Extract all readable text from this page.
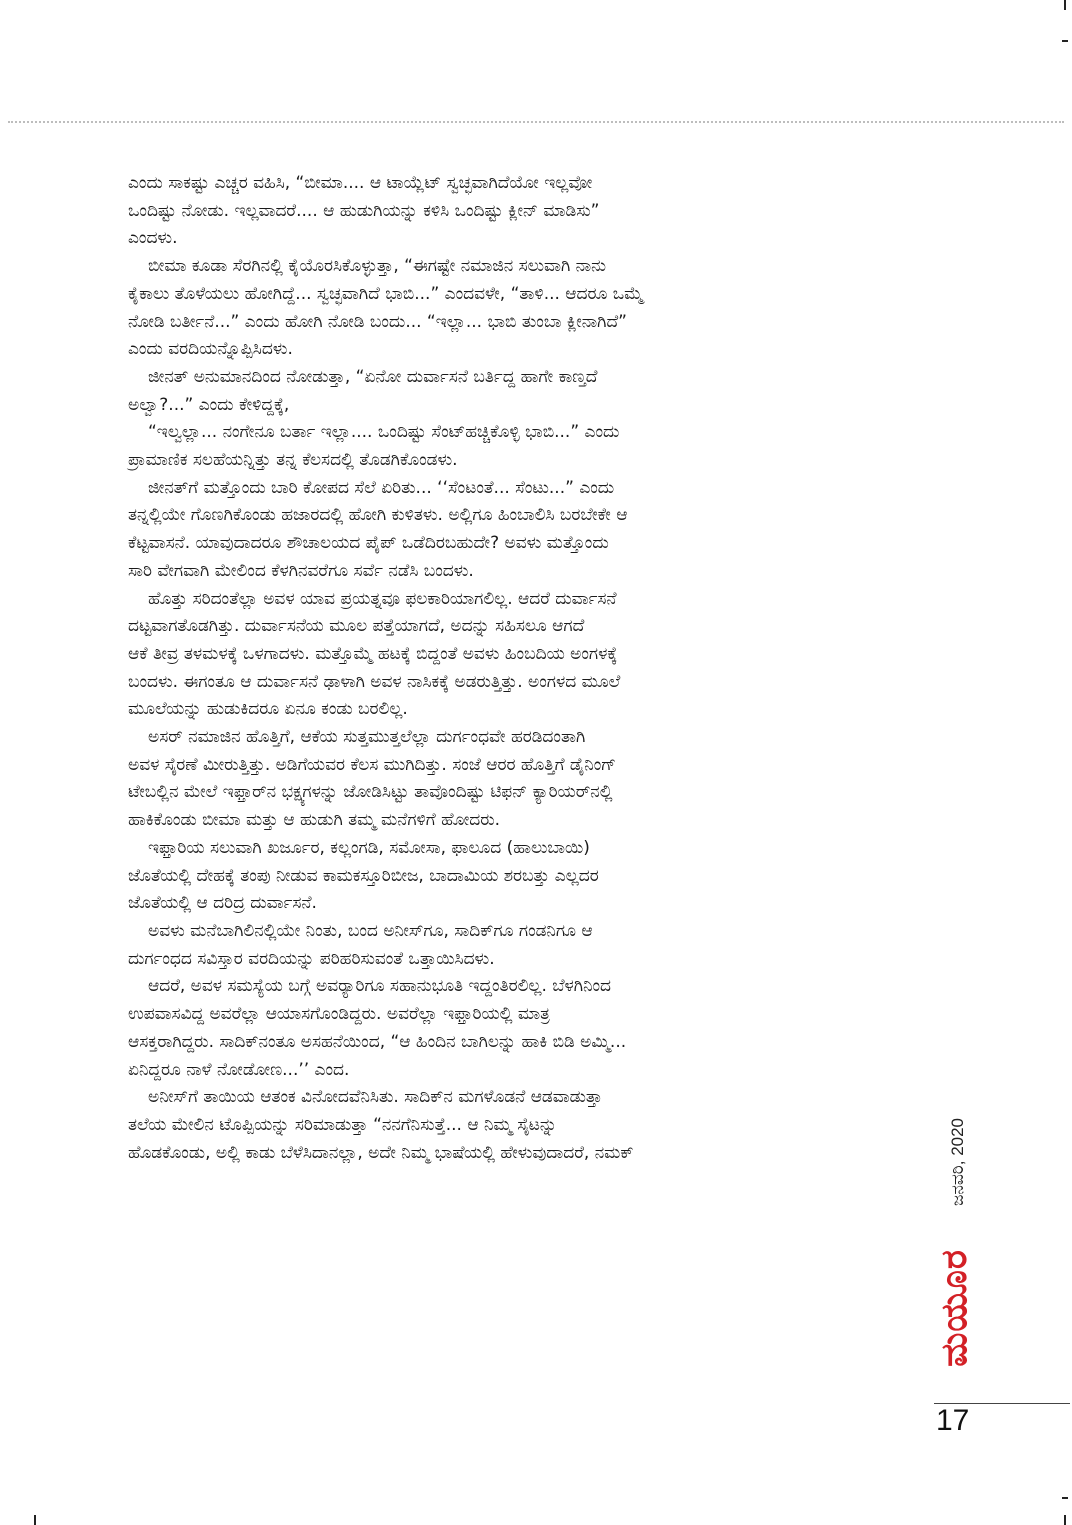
ಎಂದು ಸಾಕಷ್ಟು ಎಚ್ಚರ ವಹಿಸಿ, “ಬೀಮಾ.... ಆ ಟಾಯ್ಲೆಟ್ ಸ್ವಚ್ಛವಾಗಿದೆಯೋ ಇಲ್ಲವೋ
ಒಂದಿಷ್ಟು ನೋಡು. ಇಲ್ಲವಾದರೆ.... ಆ ಹುಡುಗಿಯನ್ನು ಕಳಿಸಿ ಒಂದಿಷ್ಟು ಕ್ಲೀನ್ ಮಾಡಿಸು”
ಎಂದಳು.

ಬೀಮಾ ಕೂಡಾ ಸೆರಗಿನಲ್ಲಿ ಕೈಯೊರಸಿಕೊಳ್ಳುತ್ತಾ, “ಈಗಷ್ಟೇ ನಮಾಜಿನ ಸಲುವಾಗಿ ನಾನು
ಕೈಕಾಲು ತೊಳೆಯಲು ಹೋಗಿದ್ದೆ... ಸ್ವಚ್ಛವಾಗಿದೆ ಭಾಬಿ...” ಎಂದವಳೇ, “ತಾಳಿ... ಆದರೂ ಒಮ್ಮೆ
ನೋಡಿ ಬರ್ತೀನೆ...” ಎಂದು ಹೋಗಿ ನೋಡಿ ಬಂದು... “ಇಲ್ಲಾ... ಭಾಬಿ ತುಂಬಾ ಕ್ಲೀನಾಗಿದೆ”
ಎಂದು ವರದಿಯನ್ನೊಪ್ಪಿಸಿದಳು.

ಜೀನತ್ ಅನುಮಾನದಿಂದ ನೋಡುತ್ತಾ, “ಏನೋ ದುರ್ವಾಸನೆ ಬರ್ತಿದ್ದ ಹಾಗೇ ಕಾಣ್ತದೆ
ಅಲ್ವಾ?...” ಎಂದು ಕೇಳಿದ್ದಕ್ಕೆ,

“ಇಲ್ವಲ್ಲಾ... ನಂಗೇನೂ ಬರ್ತಾ ಇಲ್ಲಾ.... ಒಂದಿಷ್ಟು ಸೆಂಟ್‌ಹಚ್ಚಿಕೊಳ್ಳಿ ಭಾಬಿ...” ಎಂದು
ಪ್ರಾಮಾಣಿಕ ಸಲಹೆಯನ್ನಿತ್ತು ತನ್ನ ಕೆಲಸದಲ್ಲಿ ತೊಡಗಿಕೊಂಡಳು.

ಜೀನತ್‌ಗೆ ಮತ್ತೊಂದು ಬಾರಿ ಕೋಪದ ಸೆಲೆ ಏರಿತು... ‘‘ಸೆಂಟಂತೆ... ಸೆಂಟು...” ಎಂದು
ತನ್ನಲ್ಲಿಯೇ ಗೊಣಗಿಕೊಂಡು ಹಜಾರದಲ್ಲಿ ಹೋಗಿ ಕುಳಿತಳು. ಅಲ್ಲಿಗೂ ಹಿಂಬಾಲಿಸಿ ಬರಬೇಕೇ ಆ
ಕೆಟ್ಟವಾಸನೆ. ಯಾವುದಾದರೂ ಶೌಚಾಲಯದ ಪೈಪ್ ಒಡೆದಿರಬಹುದೇ? ಅವಳು ಮತ್ತೊಂದು
ಸಾರಿ ವೇಗವಾಗಿ ಮೇಲಿಂದ ಕೆಳಗಿನವರೆಗೂ ಸರ್ವೆ ನಡೆಸಿ ಬಂದಳು.

ಹೊತ್ತು ಸರಿದಂತೆಲ್ಲಾ ಅವಳ ಯಾವ ಪ್ರಯತ್ನವೂ ಫಲಕಾರಿಯಾಗಲಿಲ್ಲ. ಆದರೆ ದುರ್ವಾಸನೆ
ದಟ್ಟವಾಗತೊಡಗಿತ್ತು. ದುರ್ವಾಸನೆಯ ಮೂಲ ಪತ್ತೆಯಾಗದೆ, ಅದನ್ನು ಸಹಿಸಲೂ ಆಗದೆ
ಆಕೆ ತೀವ್ರ ತಳಮಳಕ್ಕೆ ಒಳಗಾದಳು. ಮತ್ತೊಮ್ಮೆ ಹಟಕ್ಕೆ ಬಿದ್ದಂತೆ ಅವಳು ಹಿಂಬದಿಯ ಅಂಗಳಕ್ಕೆ
ಬಂದಳು. ಈಗಂತೂ ಆ ದುರ್ವಾಸನೆ ಢಾಳಾಗಿ ಅವಳ ನಾಸಿಕಕ್ಕೆ ಅಡರುತ್ತಿತ್ತು. ಅಂಗಳದ ಮೂಲೆ
ಮೂಲೆಯನ್ನು ಹುಡುಕಿದರೂ ಏನೂ ಕಂಡು ಬರಲಿಲ್ಲ.

ಅಸರ್ ನಮಾಜಿನ ಹೊತ್ತಿಗೆ, ಆಕೆಯ ಸುತ್ತಮುತ್ತಲೆಲ್ಲಾ ದುರ್ಗಂಧವೇ ಹರಡಿದಂತಾಗಿ
ಅವಳ ಸೈರಣೆ ಮೀರುತ್ತಿತ್ತು. ಅಡಿಗೆಯವರ ಕೆಲಸ ಮುಗಿದಿತ್ತು. ಸಂಜೆ ಆರರ ಹೊತ್ತಿಗೆ ಡೈನಿಂಗ್
ಟೇಬಲ್ಲಿನ ಮೇಲೆ ಇಫ್ತಾರ್‌ನ ಭಕ್ಷ್ಯಗಳನ್ನು ಜೋಡಿಸಿಟ್ಟು ತಾವೊಂದಿಷ್ಟು ಟಿಫನ್ ಕ್ಯಾರಿಯರ್‌ನಲ್ಲಿ
ಹಾಕಿಕೊಂಡು ಬೀಮಾ ಮತ್ತು ಆ ಹುಡುಗಿ ತಮ್ಮ ಮನೆಗಳಿಗೆ ಹೋದರು.

ಇಫ್ತಾರಿಯ ಸಲುವಾಗಿ ಖರ್ಜೂರ, ಕಲ್ಲಂಗಡಿ, ಸಮೋಸಾ, ಫಾಲೂದ (ಹಾಲುಬಾಯಿ)
ಜೊತೆಯಲ್ಲಿ ದೇಹಕ್ಕೆ ತಂಪು ನೀಡುವ ಕಾಮಕಸ್ತೂರಿಬೀಜ, ಬಾದಾಮಿಯ ಶರಬತ್ತು ಎಲ್ಲದರ
ಜೊತೆಯಲ್ಲಿ ಆ ದರಿದ್ರ ದುರ್ವಾಸನೆ.

ಅವಳು ಮನೆಬಾಗಿಲಿನಲ್ಲಿಯೇ ನಿಂತು, ಬಂದ ಅನೀಸ್‌ಗೂ, ಸಾದಿಕ್‌ಗೂ ಗಂಡನಿಗೂ ಆ
ದುರ್ಗಂಧದ ಸವಿಸ್ತಾರ ವರದಿಯನ್ನು ಪರಿಹರಿಸುವಂತೆ ಒತ್ತಾಯಿಸಿದಳು.

ಆದರೆ, ಅವಳ ಸಮಸ್ಯೆಯ ಬಗ್ಗೆ ಅವರ್‍ಯಾರಿಗೂ ಸಹಾನುಭೂತಿ ಇದ್ದಂತಿರಲಿಲ್ಲ. ಬೆಳಗಿನಿಂದ
ಉಪವಾಸವಿದ್ದ ಅವರೆಲ್ಲಾ ಆಯಾಸಗೊಂಡಿದ್ದರು. ಅವರೆಲ್ಲಾ ಇಫ್ತಾರಿಯಲ್ಲಿ ಮಾತ್ರ
ಆಸಕ್ತರಾಗಿದ್ದರು. ಸಾದಿಕ್‌ನಂತೂ ಅಸಹನೆಯಿಂದ, “ಆ ಹಿಂದಿನ ಬಾಗಿಲನ್ನು ಹಾಕಿ ಬಿಡಿ ಅಮ್ಮಿ...
ಏನಿದ್ದರೂ ನಾಳೆ ನೋಡೋಣ...’’ ಎಂದ.

ಅನೀಸ್‌ಗೆ ತಾಯಿಯ ಆತಂಕ ವಿನೋದವೆನಿಸಿತು. ಸಾದಿಕ್‌ನ ಮಗಳೊಡನೆ ಆಡವಾಡುತ್ತಾ
ತಲೆಯ ಮೇಲಿನ ಟೊಪ್ಪಿಯನ್ನು ಸರಿಮಾಡುತ್ತಾ “ನನಗೆನಿಸುತ್ತೆ... ಆ ನಿಮ್ಮ ಸೈಟನ್ನು
ಹೊಡಕೊಂಡು, ಅಲ್ಲಿ ಕಾಡು ಬೆಳೆಸಿದಾನಲ್ಲಾ, ಅದೇ ನಿಮ್ಮ ಭಾಷೆಯಲ್ಲಿ ಹೇಳುವುದಾದರೆ, ನಮಕ್	ಜನವರಿ, 2020
ಮಯೂರ
17
